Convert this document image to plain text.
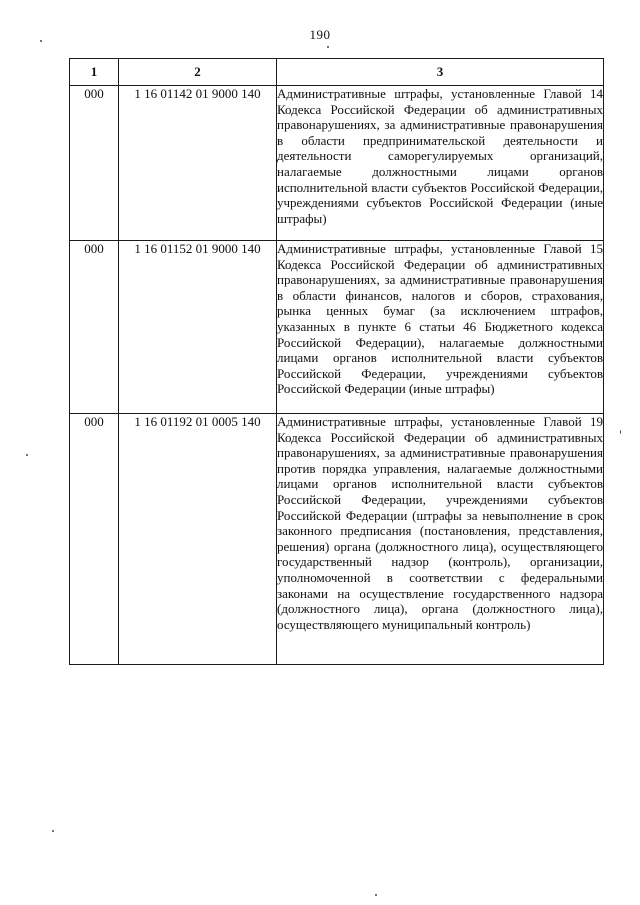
190
1	2	3
000	1 16 01142 01 9000 140	Административные штрафы, установленные Главой 14 Кодекса Российской Федерации об административных правонарушениях, за административные правонарушения в области предпринимательской деятельности и деятельности саморегулируемых организаций, налагаемые должностными лицами органов исполнительной власти субъектов Российской Федерации, учреждениями субъектов Российской Федерации (иные штрафы)
000	1 16 01152 01 9000 140	Административные штрафы, установленные Главой 15 Кодекса Российской Федерации об административных правонарушениях, за административные правонарушения в области финансов, налогов и сборов, страхования, рынка ценных бумаг (за исключением штрафов, указанных в пункте 6 статьи 46 Бюджетного кодекса Российской Федерации), налагаемые должностными лицами органов исполнительной власти субъектов Российской Федерации, учреждениями субъектов Российской Федерации (иные штрафы)
000	1 16 01192 01 0005 140	Административные штрафы, установленные Главой 19 Кодекса Российской Федерации об административных правонарушениях, за административные правонарушения против порядка управления, налагаемые должностными лицами органов исполнительной власти субъектов Российской Федерации, учреждениями субъектов Российской Федерации (штрафы за невыполнение в срок законного предписания (постановления, представления, решения) органа (должностного лица), осуществляющего государственный надзор (контроль), организации, уполномоченной в соответствии с федеральными законами на осуществление государственного надзора (должностного лица), органа (должностного лица), осуществляющего муниципальный контроль)
